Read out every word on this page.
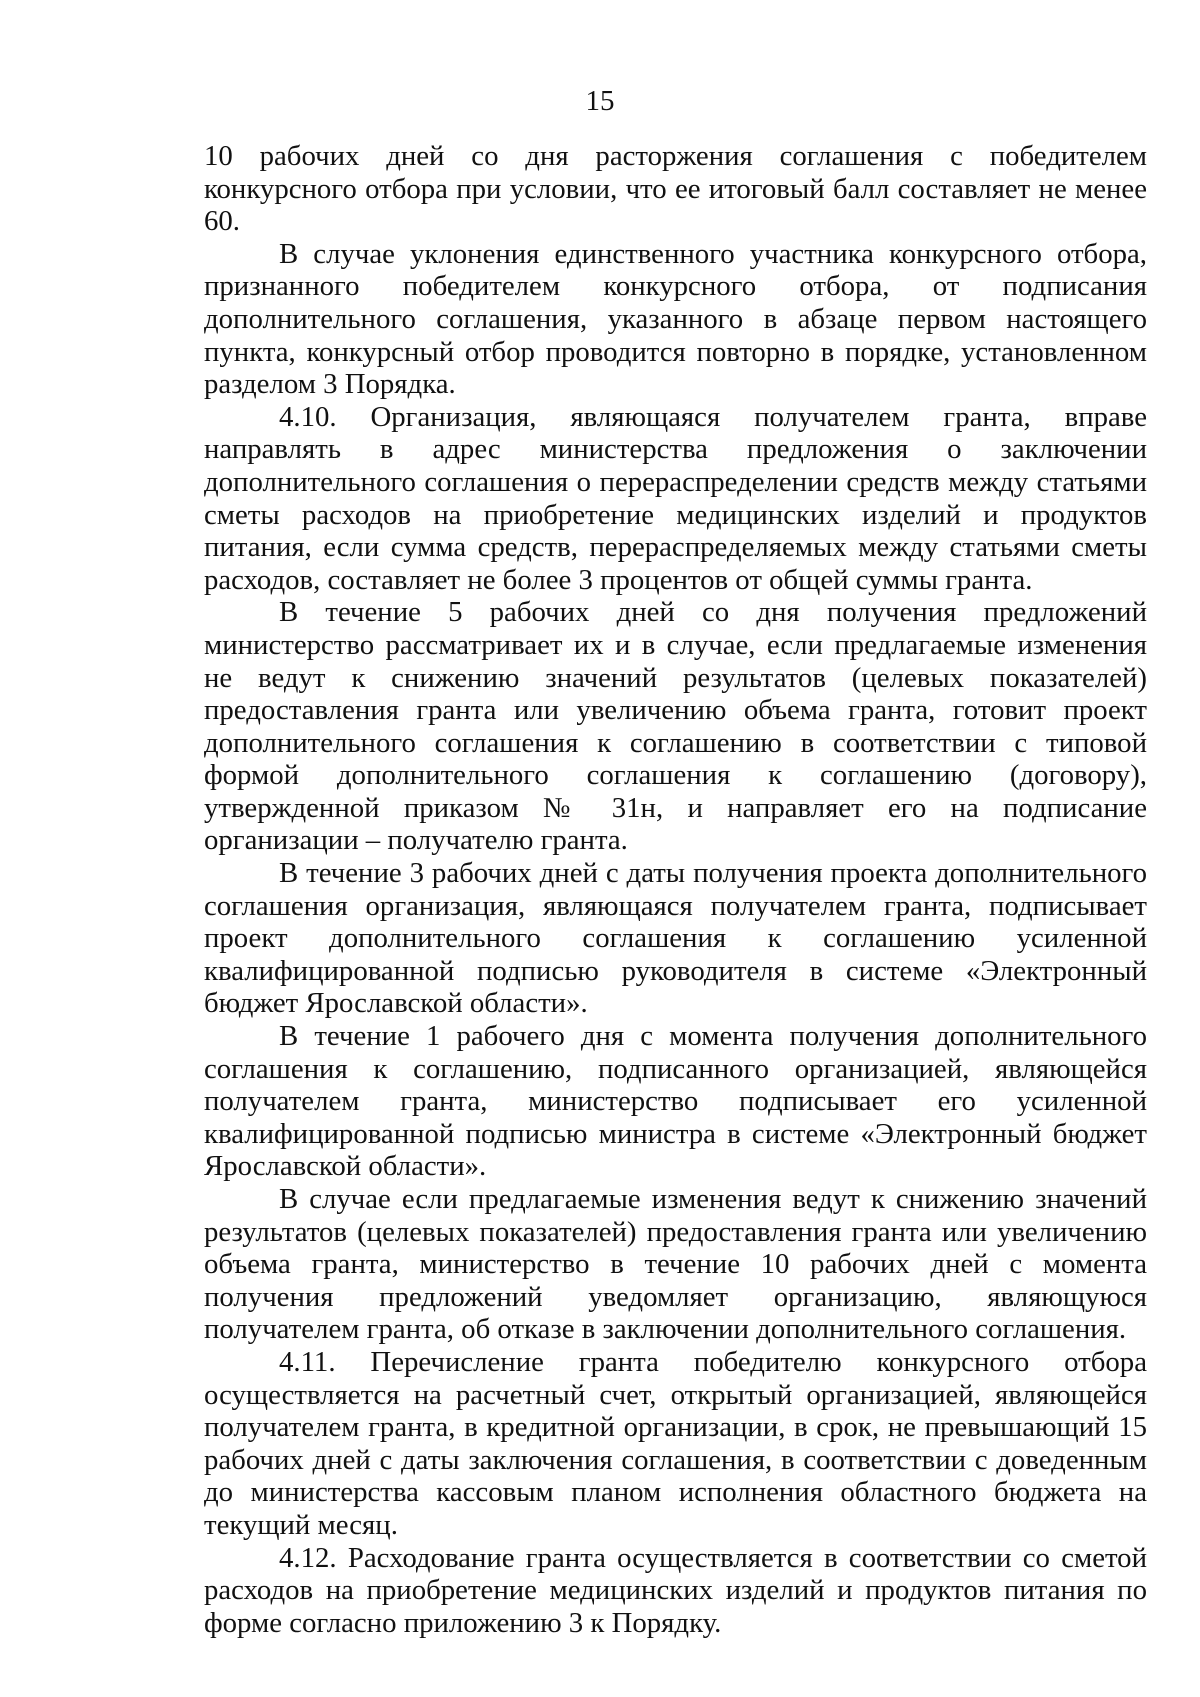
15

10 рабочих дней со дня расторжения соглашения с победителем конкурсного отбора при условии, что ее итоговый балл составляет не менее 60.

В случае уклонения единственного участника конкурсного отбора, признанного победителем конкурсного отбора, от подписания дополнительного соглашения, указанного в абзаце первом настоящего пункта, конкурсный отбор проводится повторно в порядке, установленном разделом 3 Порядка.

4.10. Организация, являющаяся получателем гранта, вправе направлять в адрес министерства предложения о заключении дополнительного соглашения о перераспределении средств между статьями сметы расходов на приобретение медицинских изделий и продуктов питания, если сумма средств, перераспределяемых между статьями сметы расходов, составляет не более 3 процентов от общей суммы гранта.

В течение 5 рабочих дней со дня получения предложений министерство рассматривает их и в случае, если предлагаемые изменения не ведут к снижению значений результатов (целевых показателей) предоставления гранта или увеличению объема гранта, готовит проект дополнительного соглашения к соглашению в соответствии с типовой формой дополнительного соглашения к соглашению (договору), утвержденной приказом № 31н, и направляет его на подписание организации – получателю гранта.

В течение 3 рабочих дней с даты получения проекта дополнительного соглашения организация, являющаяся получателем гранта, подписывает проект дополнительного соглашения к соглашению усиленной квалифицированной подписью руководителя в системе «Электронный бюджет Ярославской области».

В течение 1 рабочего дня с момента получения дополнительного соглашения к соглашению, подписанного организацией, являющейся получателем гранта, министерство подписывает его усиленной квалифицированной подписью министра в системе «Электронный бюджет Ярославской области».

В случае если предлагаемые изменения ведут к снижению значений результатов (целевых показателей) предоставления гранта или увеличению объема гранта, министерство в течение 10 рабочих дней с момента получения предложений уведомляет организацию, являющуюся получателем гранта, об отказе в заключении дополнительного соглашения.

4.11. Перечисление гранта победителю конкурсного отбора осуществляется на расчетный счет, открытый организацией, являющейся получателем гранта, в кредитной организации, в срок, не превышающий 15 рабочих дней с даты заключения соглашения, в соответствии с доведенным до министерства кассовым планом исполнения областного бюджета на текущий месяц.

4.12. Расходование гранта осуществляется в соответствии со сметой расходов на приобретение медицинских изделий и продуктов питания по форме согласно приложению 3 к Порядку.
